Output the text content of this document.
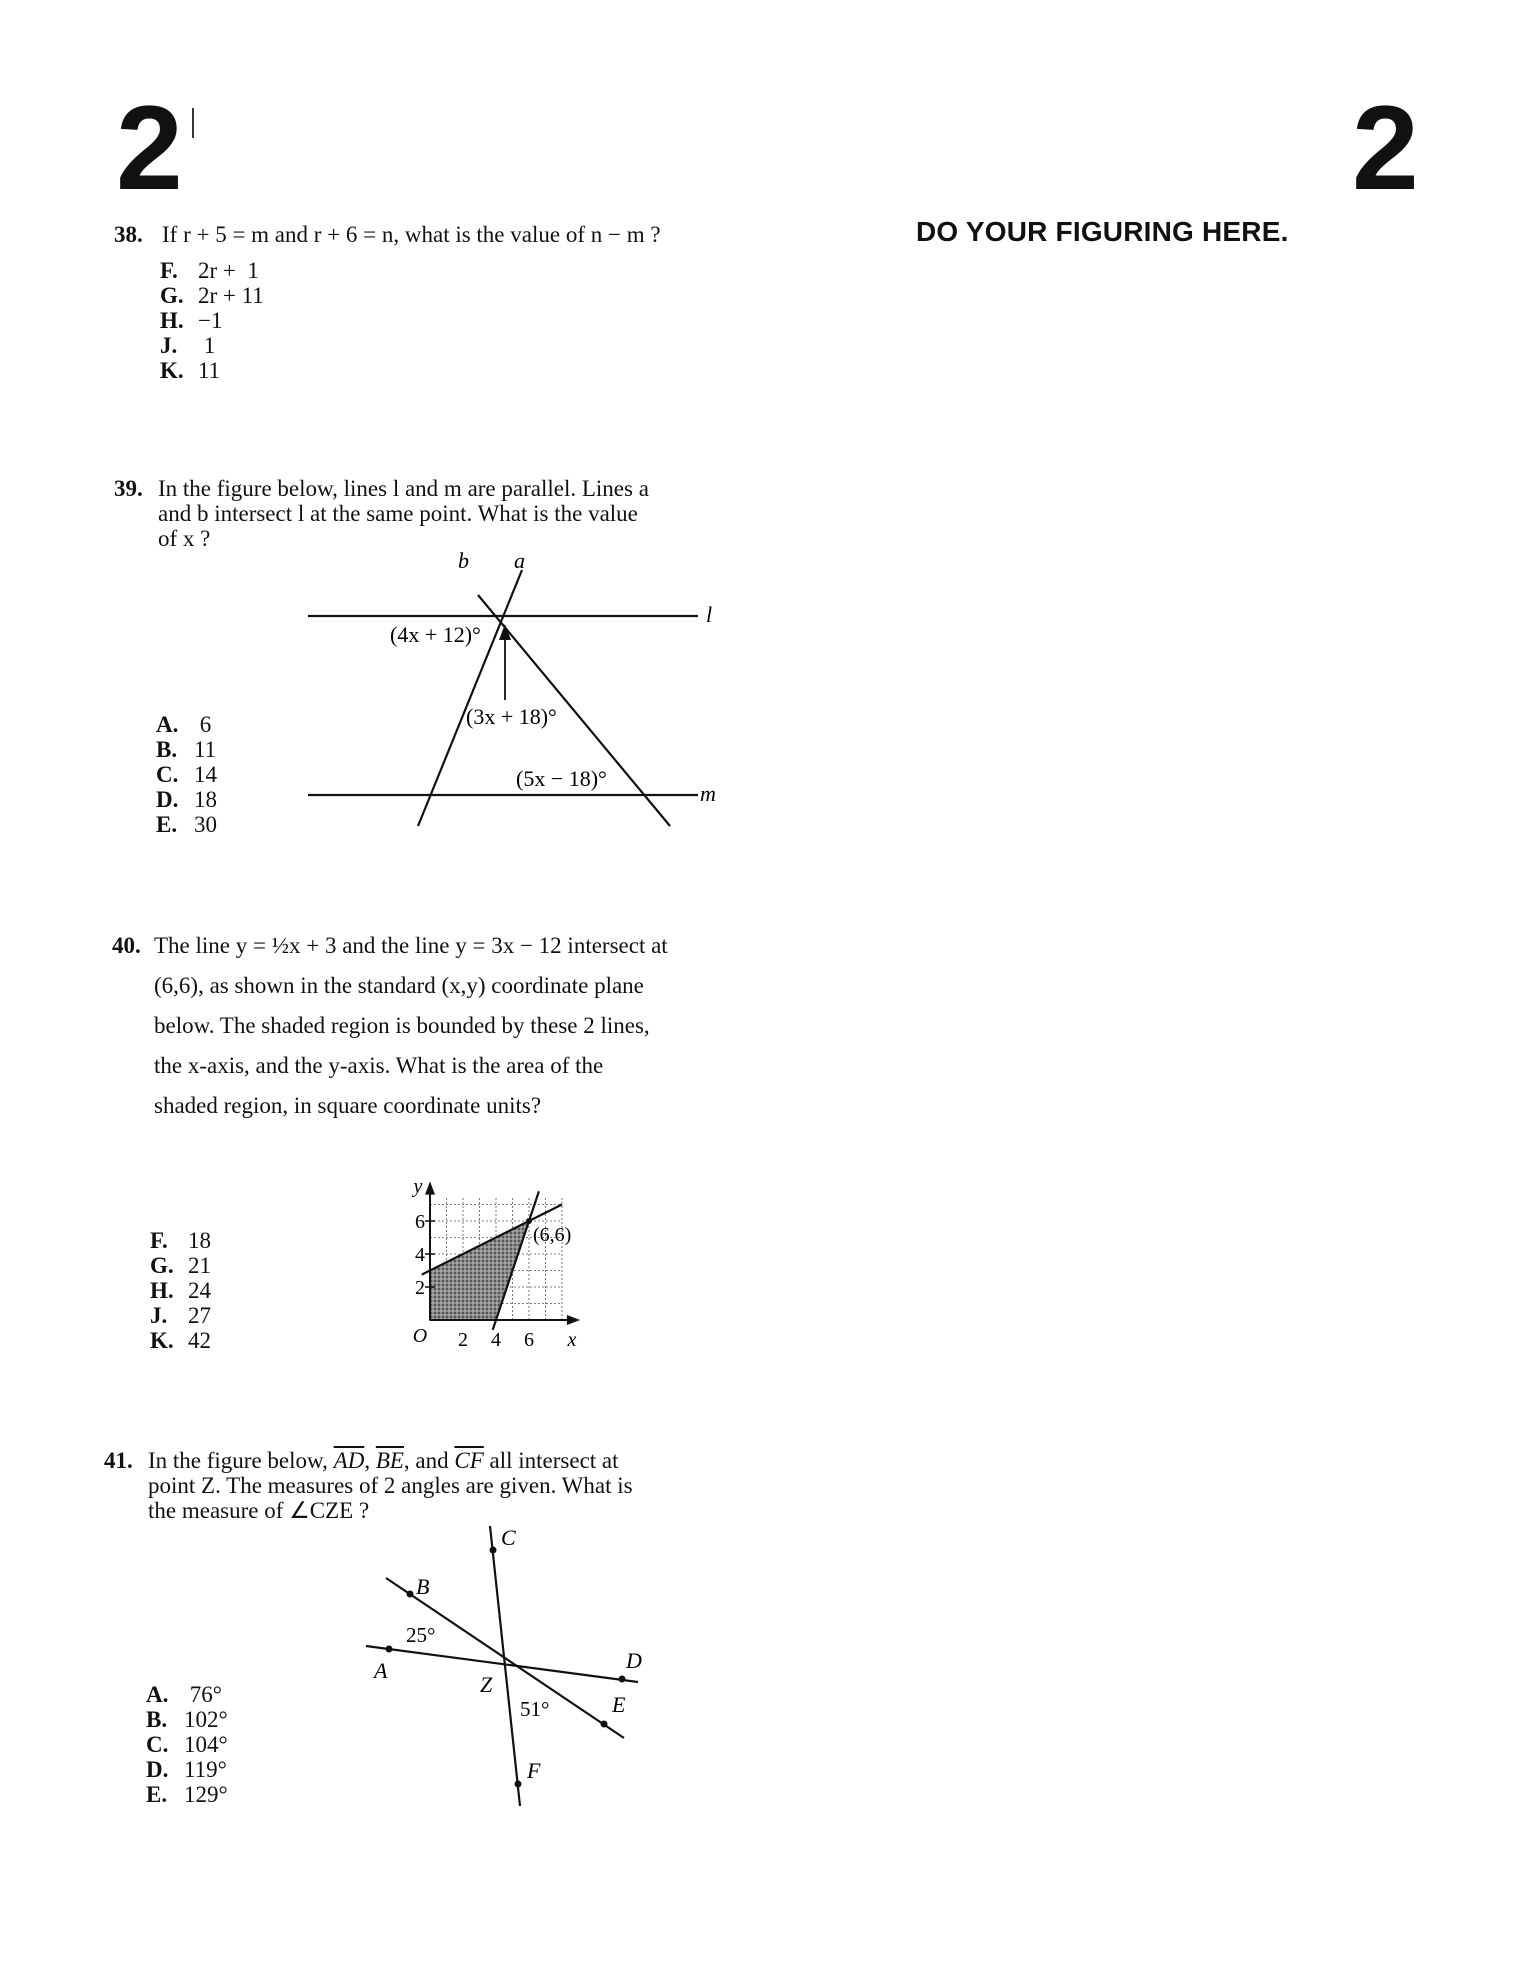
2	2
DO YOUR FIGURING HERE.
38. If r + 5 = m and r + 6 = n, what is the value of n − m ?
F. 2r +  1
G. 2r + 11
H. −1
J. 1
K. 11
39. In the figure below, lines l and m are parallel. Lines a
and b intersect l at the same point. What is the value
of x ?
A. 6
B. 11
C. 14
D. 18
E. 30
b a
l
m
(4x + 12)°
(3x + 18)°
(5x − 18)°
40. The line y = ½x + 3 and the line y = 3x − 12 intersect at
(6,6), as shown in the standard (x,y) coordinate plane
below. The shaded region is bounded by these 2 lines,
the x-axis, and the y-axis. What is the area of the
shaded region, in square coordinate units?
F. 18
G. 21
H. 24
J. 27
K. 42	2 4 6
2
4
6
O	x
y
(6,6)
41. In the figure below, $\overline{AD}$, $\overline{BE}$, and $\overline{CF}$ all intersect at
point Z. The measures of 2 angles are given. What is
the measure of ∠CZE ?
A. 76°
B. 102°
C. 104°
D. 119°
E. 129°
C
B
A	D
E
F
Z
25°
51°
